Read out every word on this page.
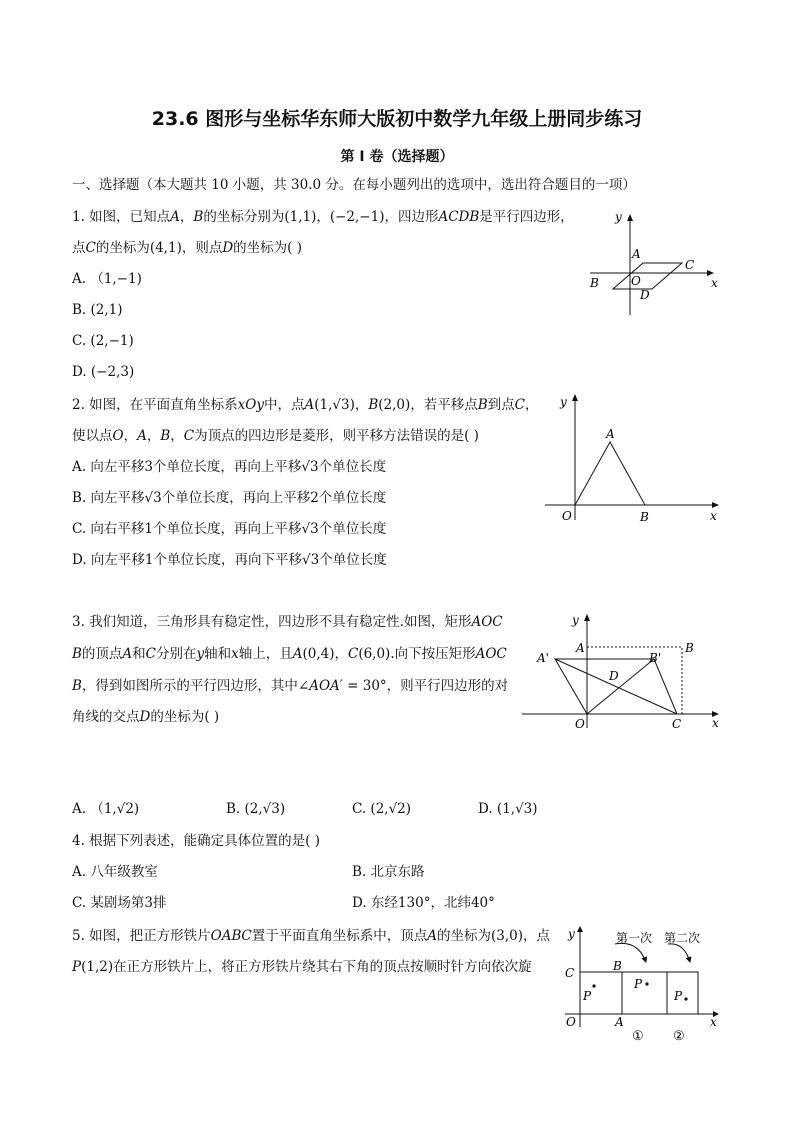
23.6 图形与坐标华东师大版初中数学九年级上册同步练习
第 I 卷（选择题）
一、选择题（本大题共 10 小题，共 30.0 分。在每小题列出的选项中，选出符合题目的一项）
1. 如图，已知点𝐴，𝐵的坐标分别为(1,1)，(−2,−1)，四边形𝐴𝐶𝐷𝐵是平行四边形，
点𝐶的坐标为(4,1)，则点𝐷的坐标为( )
A. （1,−1)
B. (2,1)
C. (2,−1)
D. (−2,3)
y
x
A
C
B	O
D
2. 如图，在平面直角坐标系𝑥𝑂𝑦中，点𝐴(1,√3)，𝐵(2,0)，若平移点𝐵到点𝐶，
使以点𝑂，𝐴，𝐵，𝐶为顶点的四边形是菱形，则平移方法错误的是( )
A. 向左平移3个单位长度，再向上平移√3个单位长度
B. 向左平移√3个单位长度，再向上平移2个单位长度
C. 向右平移1个单位长度，再向上平移√3个单位长度
D. 向左平移1个单位长度，再向下平移√3个单位长度
y
x
A
O	B
3. 我们知道，三角形具有稳定性，四边形不具有稳定性.如图，矩形𝐴𝑂𝐶
𝐵的顶点𝐴和𝐶分别在𝑦轴和𝑥轴上，且𝐴(0,4)，𝐶(6,0).向下按压矩形𝐴𝑂𝐶
𝐵，得到如图所示的平行四边形，其中∠𝐴𝑂𝐴′ = 30°，则平行四边形的对
角线的交点𝐷的坐标为( )
y
x
A	B
A'	B'
D
O	C
A. （1,√2)	B. (2,√3)	C. (2,√2)	D. (1,√3)
4. 根据下列表述，能确定具体位置的是( )
A. 八年级教室	B. 北京东路
C. 某剧场第3排	D. 东经130°，北纬40°
5. 如图，把正方形铁片𝑂𝐴𝐵𝐶置于平面直角坐标系中，顶点𝐴的坐标为(3,0)，点
𝑃(1,2)在正方形铁片上，将正方形铁片绕其右下角的顶点按顺时针方向依次旋
y
x
第一次 第二次
C	B
P
P
P
O	A
① ②
